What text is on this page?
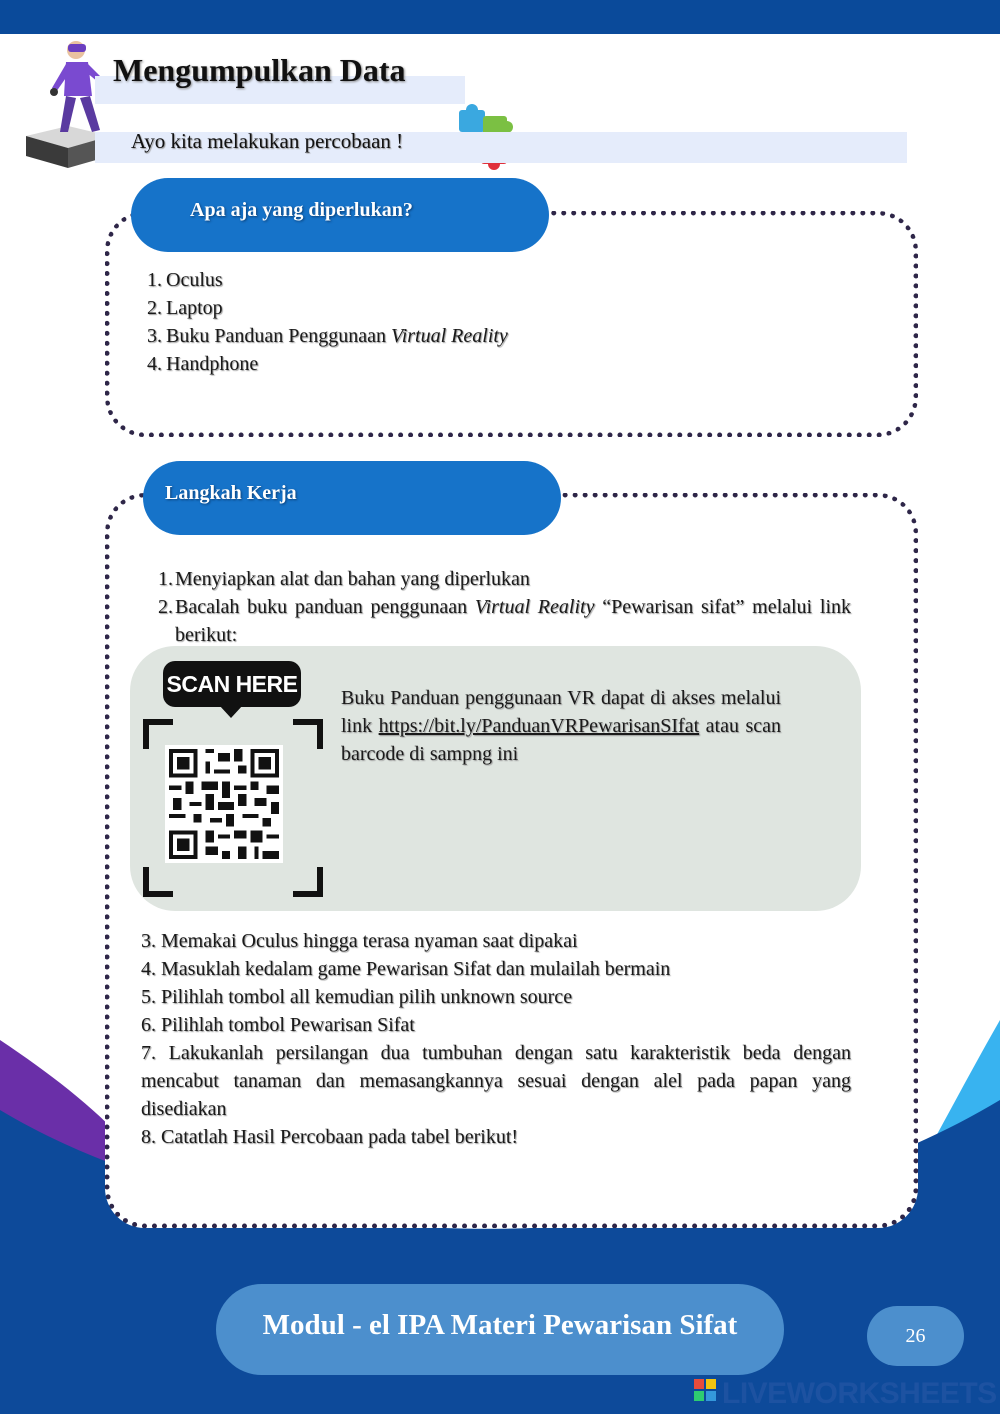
Mengumpulkan Data
Ayo kita melakukan percobaan !
Apa aja yang diperlukan?
1. Oculus
2. Laptop
3. Buku Panduan Penggunaan Virtual Reality
4. Handphone
Langkah Kerja
1. Menyiapkan alat dan bahan yang diperlukan
2. Bacalah buku panduan penggunaan Virtual Reality “Pewarisan sifat” melalui link berikut:
SCAN HERE
Buku Panduan penggunaan VR dapat di akses melalui link https://bit.ly/PanduanVRPewarisanSIfat atau scan barcode di sampng ini
3. Memakai Oculus hingga terasa nyaman saat dipakai
4. Masuklah kedalam game Pewarisan Sifat dan mulailah bermain
5. Pilihlah tombol all kemudian pilih unknown source
6. Pilihlah tombol Pewarisan Sifat
7. Lakukanlah persilangan dua tumbuhan dengan satu karakteristik beda dengan mencabut tanaman dan memasangkannya sesuai dengan alel pada papan yang disediakan
8. Catatlah Hasil Percobaan pada tabel berikut!
Modul - el IPA Materi Pewarisan Sifat	26
LIVEWORKSHEETS
